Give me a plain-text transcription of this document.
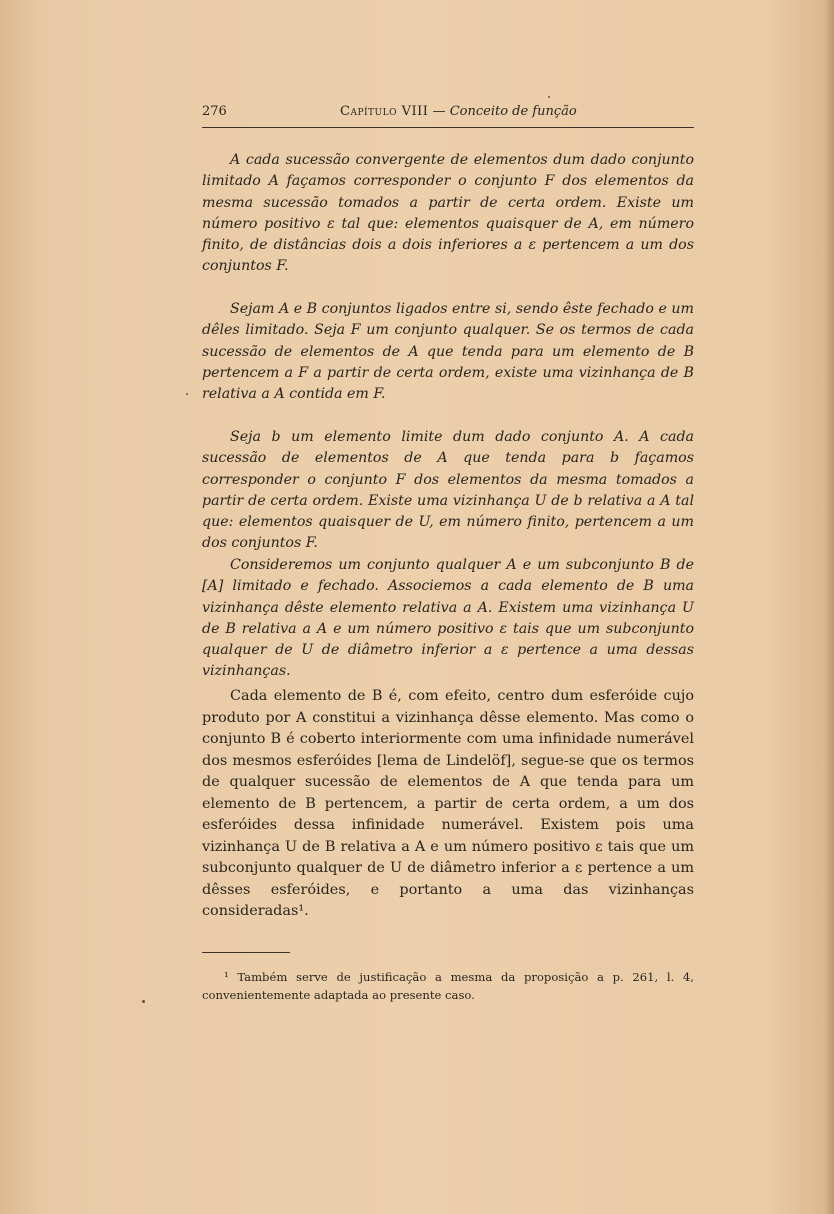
276	Capítulo VIII — Conceito de função
A cada sucessão convergente de elementos dum dado conjunto limitado A façamos corresponder o conjunto F dos elementos da mesma sucessão tomados a partir de certa ordem. Existe um número positivo ε tal que: elementos quaisquer de A, em número finito, de distâncias dois a dois inferiores a ε pertencem a um dos conjuntos F.
Sejam A e B conjuntos ligados entre si, sendo êste fechado e um dêles limitado. Seja F um conjunto qualquer. Se os termos de cada sucessão de elementos de A que tenda para um elemento de B pertencem a F a partir de certa ordem, existe uma vizinhança de B relativa a A contida em F.
Seja b um elemento limite dum dado conjunto A. A cada sucessão de elementos de A que tenda para b façamos corresponder o conjunto F dos elementos da mesma tomados a partir de certa ordem. Existe uma vizinhança U de b relativa a A tal que: elementos quaisquer de U, em número finito, pertencem a um dos conjuntos F.
Consideremos um conjunto qualquer A e um subconjunto B de [A] limitado e fechado. Associemos a cada elemento de B uma vizinhança dêste elemento relativa a A. Existem uma vizinhança U de B relativa a A e um número positivo ε tais que um subconjunto qualquer de U de diâmetro inferior a ε pertence a uma dessas vizinhanças.
Cada elemento de B é, com efeito, centro dum esferóide cujo produto por A constitui a vizinhança dêsse elemento. Mas como o conjunto B é coberto interiormente com uma infinidade numerável dos mesmos esferóides [lema de Lindelöf], segue-se que os termos de qualquer sucessão de elementos de A que tenda para um elemento de B pertencem, a partir de certa ordem, a um dos esferóides dessa infinidade numerável. Existem pois uma vizinhança U de B relativa a A e um número positivo ε tais que um subconjunto qualquer de U de diâmetro inferior a ε pertence a um dêsses esferóides, e portanto a uma das vizinhanças consideradas¹.
¹ Também serve de justificação a mesma da proposição a p. 261, l. 4, convenientemente adaptada ao presente caso.
